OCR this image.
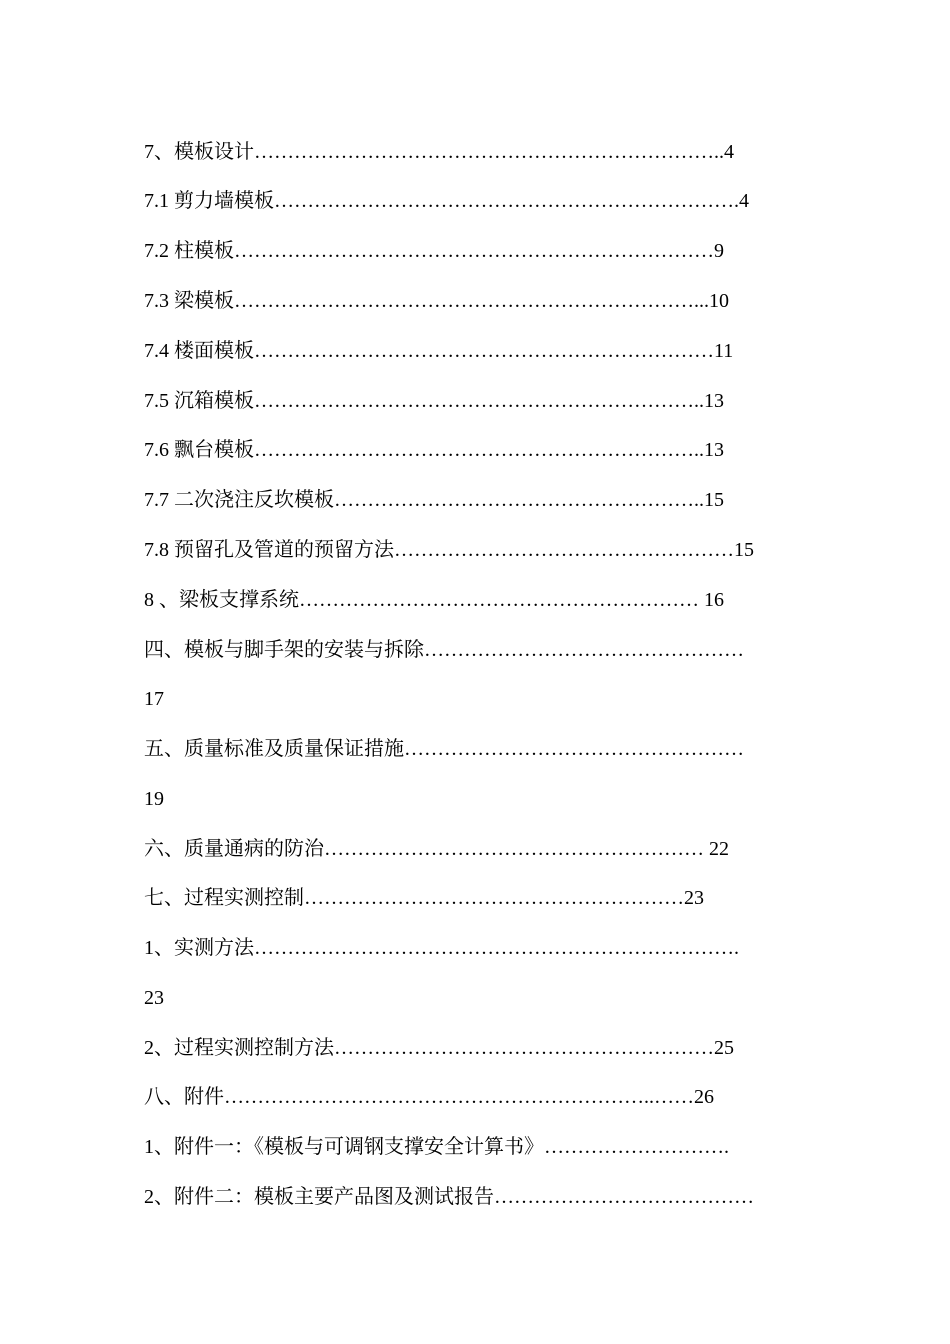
7、模板设计……………………………………………………………..4
7.1 剪力墙模板…………………………………………………………….4
7.2 柱模板………………………………………………………………9
7.3 梁模板……………………………………………………………...10
7.4 楼面模板……………………………………………………………11
7.5 沉箱模板…………………………………………………………..13
7.6 飘台模板…………………………………………………………..13
7.7 二次浇注反坎模板………………………………………………..15
7.8 预留孔及管道的预留方法……………………………………………15
8 、梁板支撑系统…………………………………………………… 16
四、模板与脚手架的安装与拆除…………………………………………
17
五、质量标准及质量保证措施……………………………………………
19
六、质量通病的防治………………………………………………… 22
七、过程实测控制…………………………………………………23
1、实测方法……………………………………………………………….
23
2、过程实测控制方法…………………………………………………25
八、附件………………………………………………………..……26
1、附件一：《模板与可调钢支撑安全计算书》……………………….
2、附件二：模板主要产品图及测试报告…………………………………
